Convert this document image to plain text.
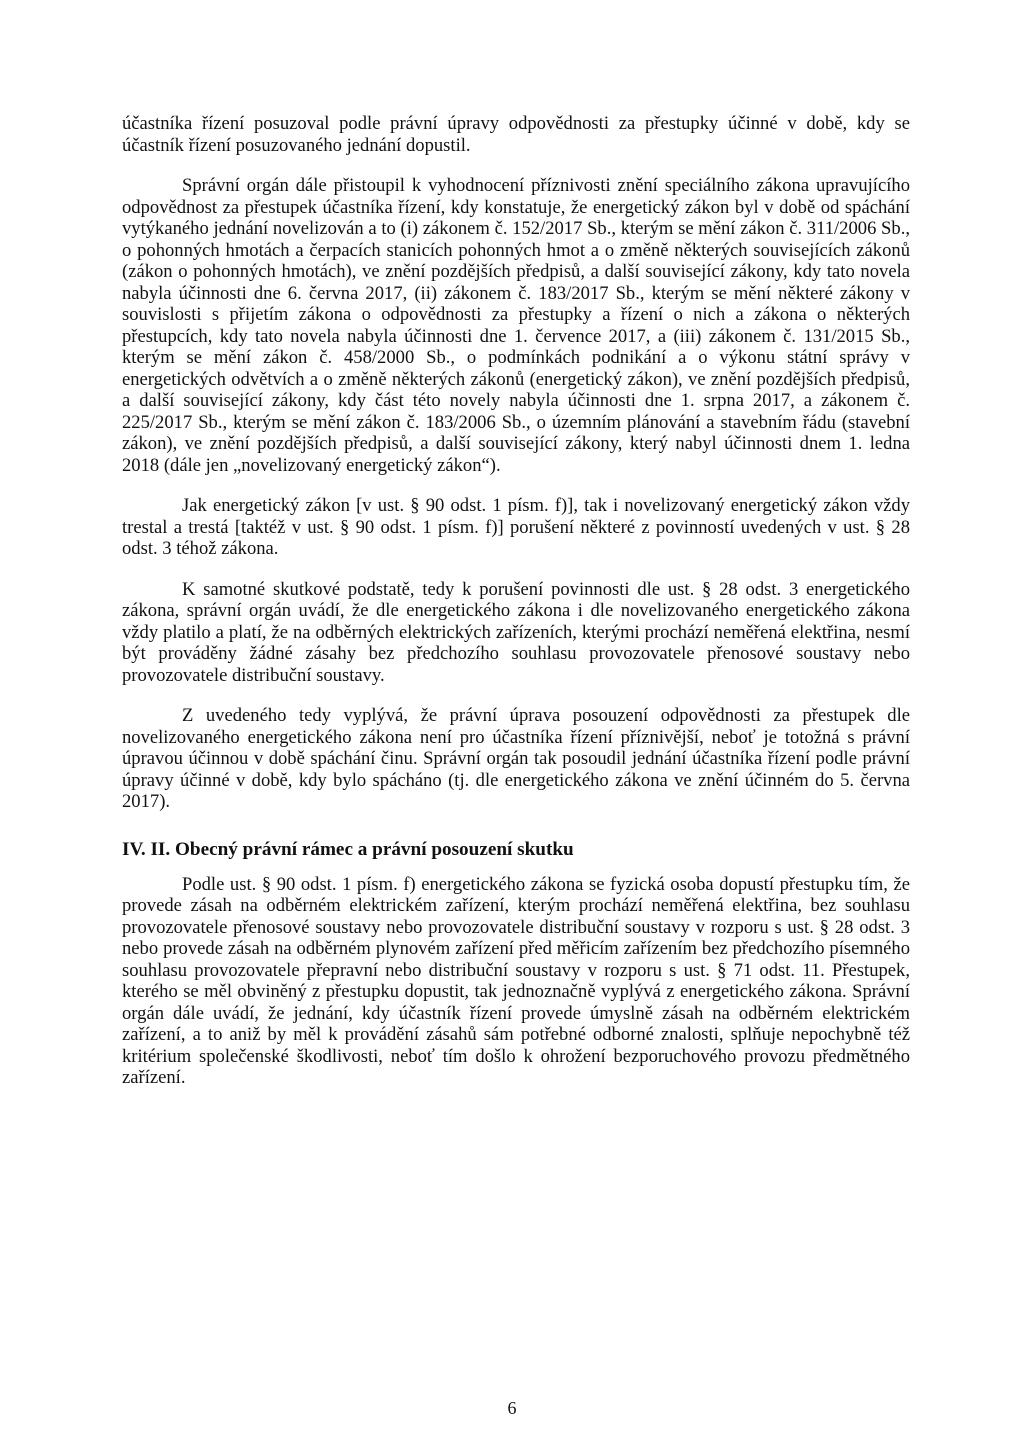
účastníka řízení posuzoval podle právní úpravy odpovědnosti za přestupky účinné v době, kdy se účastník řízení posuzovaného jednání dopustil.

Správní orgán dále přistoupil k vyhodnocení příznivosti znění speciálního zákona upravujícího odpovědnost za přestupek účastníka řízení, kdy konstatuje, že energetický zákon byl v době od spáchání vytýkaného jednání novelizován a to (i) zákonem č. 152/2017 Sb., kterým se mění zákon č. 311/2006 Sb., o pohonných hmotách a čerpacích stanicích pohonných hmot a o změně některých souvisejících zákonů (zákon o pohonných hmotách), ve znění pozdějších předpisů, a další související zákony, kdy tato novela nabyla účinnosti dne 6. června 2017, (ii) zákonem č. 183/2017 Sb., kterým se mění některé zákony v souvislosti s přijetím zákona o odpovědnosti za přestupky a řízení o nich a zákona o některých přestupcích, kdy tato novela nabyla účinnosti dne 1. července 2017, a (iii) zákonem č. 131/2015 Sb., kterým se mění zákon č. 458/2000 Sb., o podmínkách podnikání a o výkonu státní správy v energetických odvětvích a o změně některých zákonů (energetický zákon), ve znění pozdějších předpisů, a další související zákony, kdy část této novely nabyla účinnosti dne 1. srpna 2017, a zákonem č. 225/2017 Sb., kterým se mění zákon č. 183/2006 Sb., o územním plánování a stavebním řádu (stavební zákon), ve znění pozdějších předpisů, a další související zákony, který nabyl účinnosti dnem 1. ledna 2018 (dále jen „novelizovaný energetický zákon“).

Jak energetický zákon [v ust. § 90 odst. 1 písm. f)], tak i novelizovaný energetický zákon vždy trestal a trestá [taktéž v ust. § 90 odst. 1 písm. f)] porušení některé z povinností uvedených v ust. § 28 odst. 3 téhož zákona.

K samotné skutkové podstatě, tedy k porušení povinnosti dle ust. § 28 odst. 3 energetického zákona, správní orgán uvádí, že dle energetického zákona i dle novelizovaného energetického zákona vždy platilo a platí, že na odběrných elektrických zařízeních, kterými prochází neměřená elektřina, nesmí být prováděny žádné zásahy bez předchozího souhlasu provozovatele přenosové soustavy nebo provozovatele distribuční soustavy.

Z uvedeného tedy vyplývá, že právní úprava posouzení odpovědnosti za přestupek dle novelizovaného energetického zákona není pro účastníka řízení příznivější, neboť je totožná s právní úpravou účinnou v době spáchání činu. Správní orgán tak posoudil jednání účastníka řízení podle právní úpravy účinné v době, kdy bylo spácháno (tj. dle energetického zákona ve znění účinném do 5. června 2017).

IV. II. Obecný právní rámec a právní posouzení skutku

Podle ust. § 90 odst. 1 písm. f) energetického zákona se fyzická osoba dopustí přestupku tím, že provede zásah na odběrném elektrickém zařízení, kterým prochází neměřená elektřina, bez souhlasu provozovatele přenosové soustavy nebo provozovatele distribuční soustavy v rozporu s ust. § 28 odst. 3 nebo provede zásah na odběrném plynovém zařízení před měřicím zařízením bez předchozího písemného souhlasu provozovatele přepravní nebo distribuční soustavy v rozporu s ust. § 71 odst. 11. Přestupek, kterého se měl obviněný z přestupku dopustit, tak jednoznačně vyplývá z energetického zákona. Správní orgán dále uvádí, že jednání, kdy účastník řízení provede úmyslně zásah na odběrném elektrickém zařízení, a to aniž by měl k provádění zásahů sám potřebné odborné znalosti, splňuje nepochybně též kritérium společenské škodlivosti, neboť tím došlo k ohrožení bezporuchového provozu předmětného zařízení.

6
